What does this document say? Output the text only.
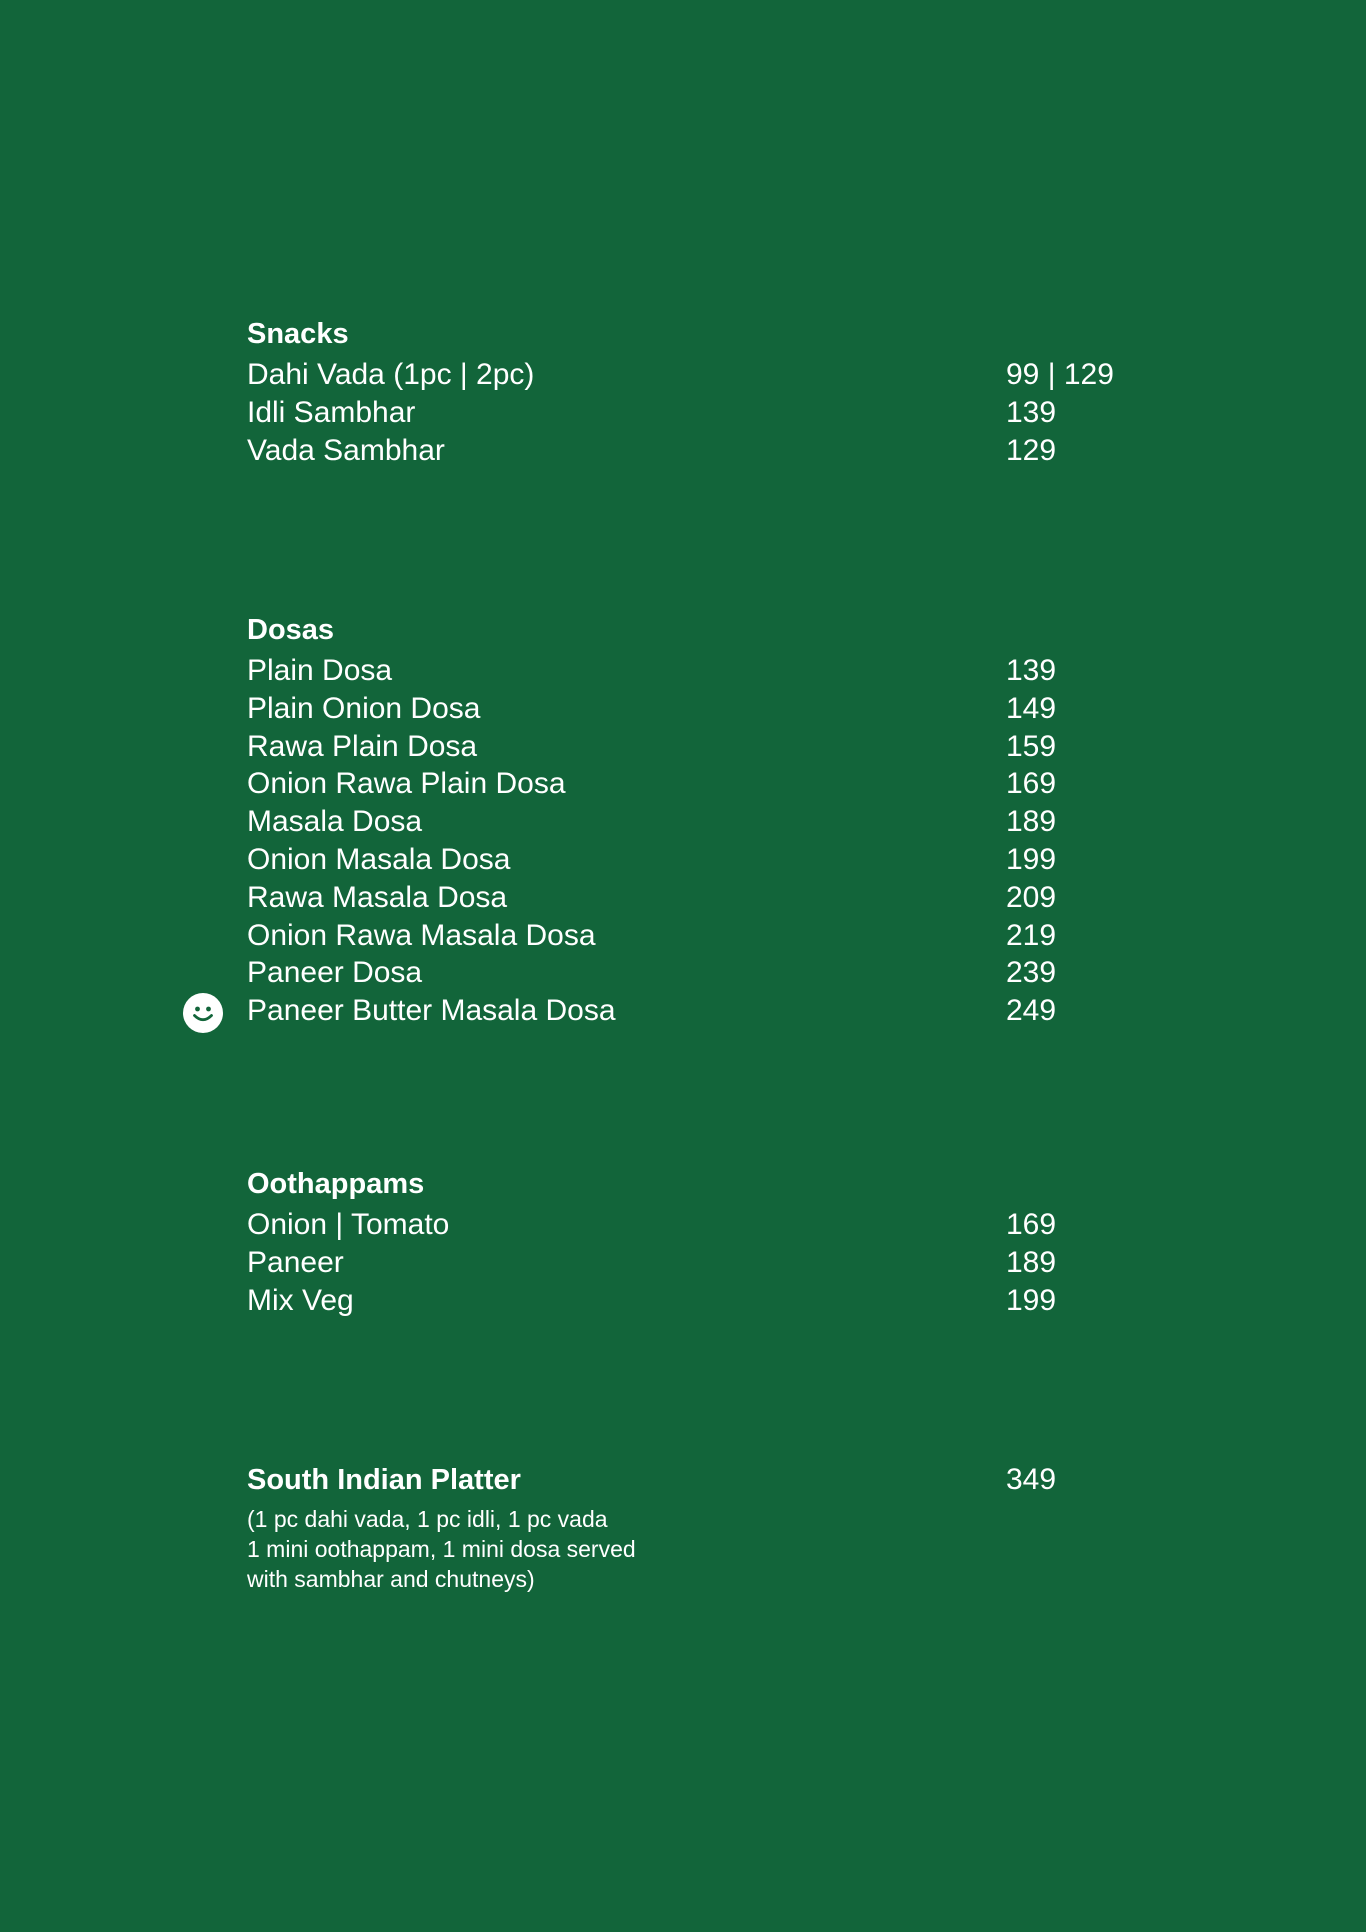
Snacks
Dahi Vada (1pc | 2pc)	99 | 129
Idli Sambhar	139
Vada Sambhar	129
Dosas
Plain Dosa	139
Plain Onion Dosa	149
Rawa Plain Dosa	159
Onion Rawa Plain Dosa	169
Masala Dosa	189
Onion Masala Dosa	199
Rawa Masala Dosa	209
Onion Rawa Masala Dosa	219
Paneer Dosa	239
Paneer Butter Masala Dosa	249
Oothappams
Onion | Tomato	169
Paneer	189
Mix Veg	199
South Indian Platter	349
(1 pc dahi vada, 1 pc idli, 1 pc vada
1 mini oothappam, 1 mini dosa served
with sambhar and chutneys)
